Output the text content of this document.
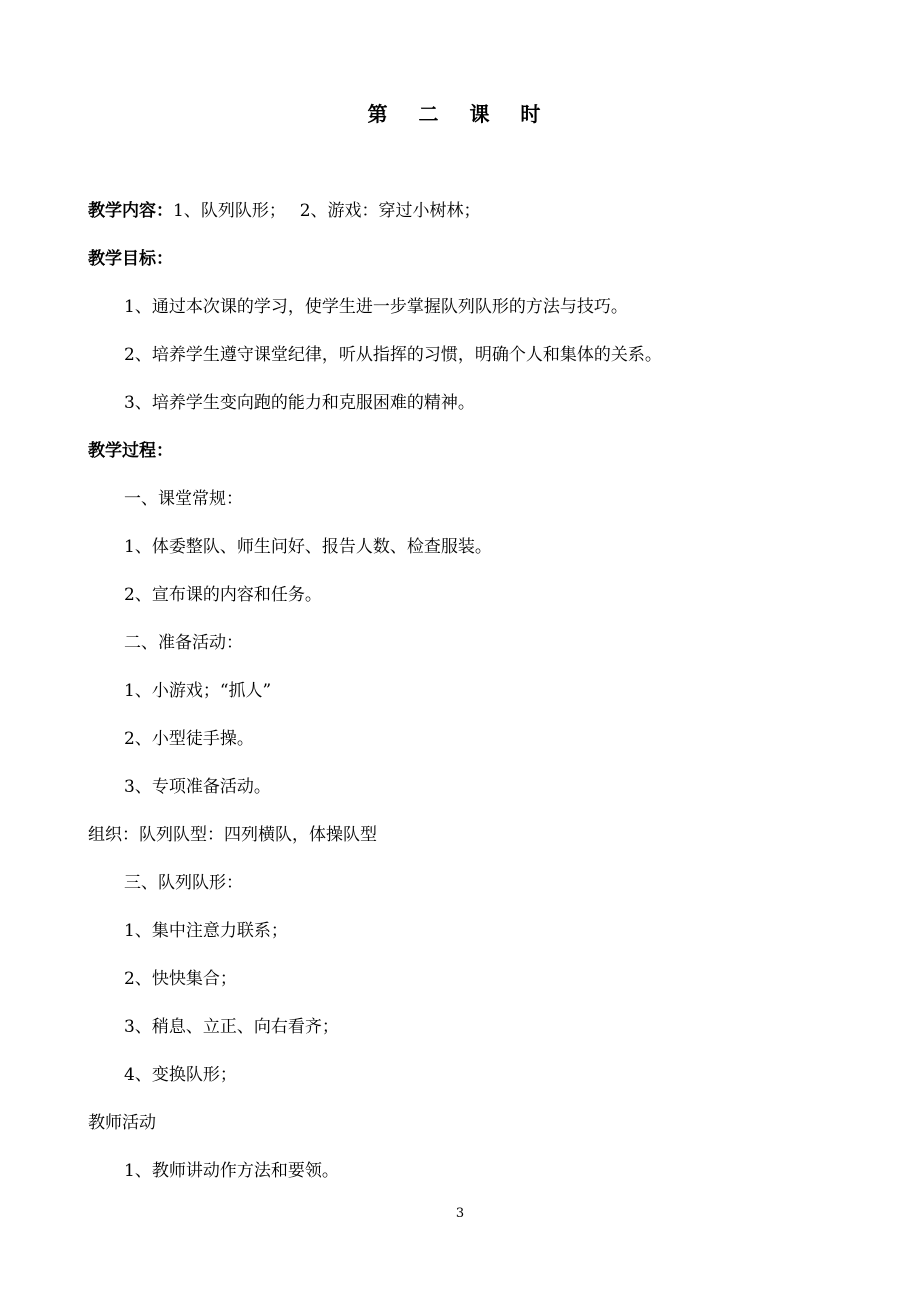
第 二 课 时
教学内容：1、队列队形；　 2、游戏：穿过小树林；
教学目标：
1、通过本次课的学习，使学生进一步掌握队列队形的方法与技巧。
2、培养学生遵守课堂纪律，听从指挥的习惯，明确个人和集体的关系。
3、培养学生变向跑的能力和克服困难的精神。
教学过程：
一、课堂常规：
1、体委整队、师生问好、报告人数、检查服装。
2、宣布课的内容和任务。
二、准备活动：
1、小游戏；“抓人”
2、小型徒手操。
3、专项准备活动。
组织：队列队型：四列横队，体操队型
三、队列队形：
1、集中注意力联系；
2、快快集合；
3、稍息、立正、向右看齐；
4、变换队形；
教师活动
1、教师讲动作方法和要领。
3
